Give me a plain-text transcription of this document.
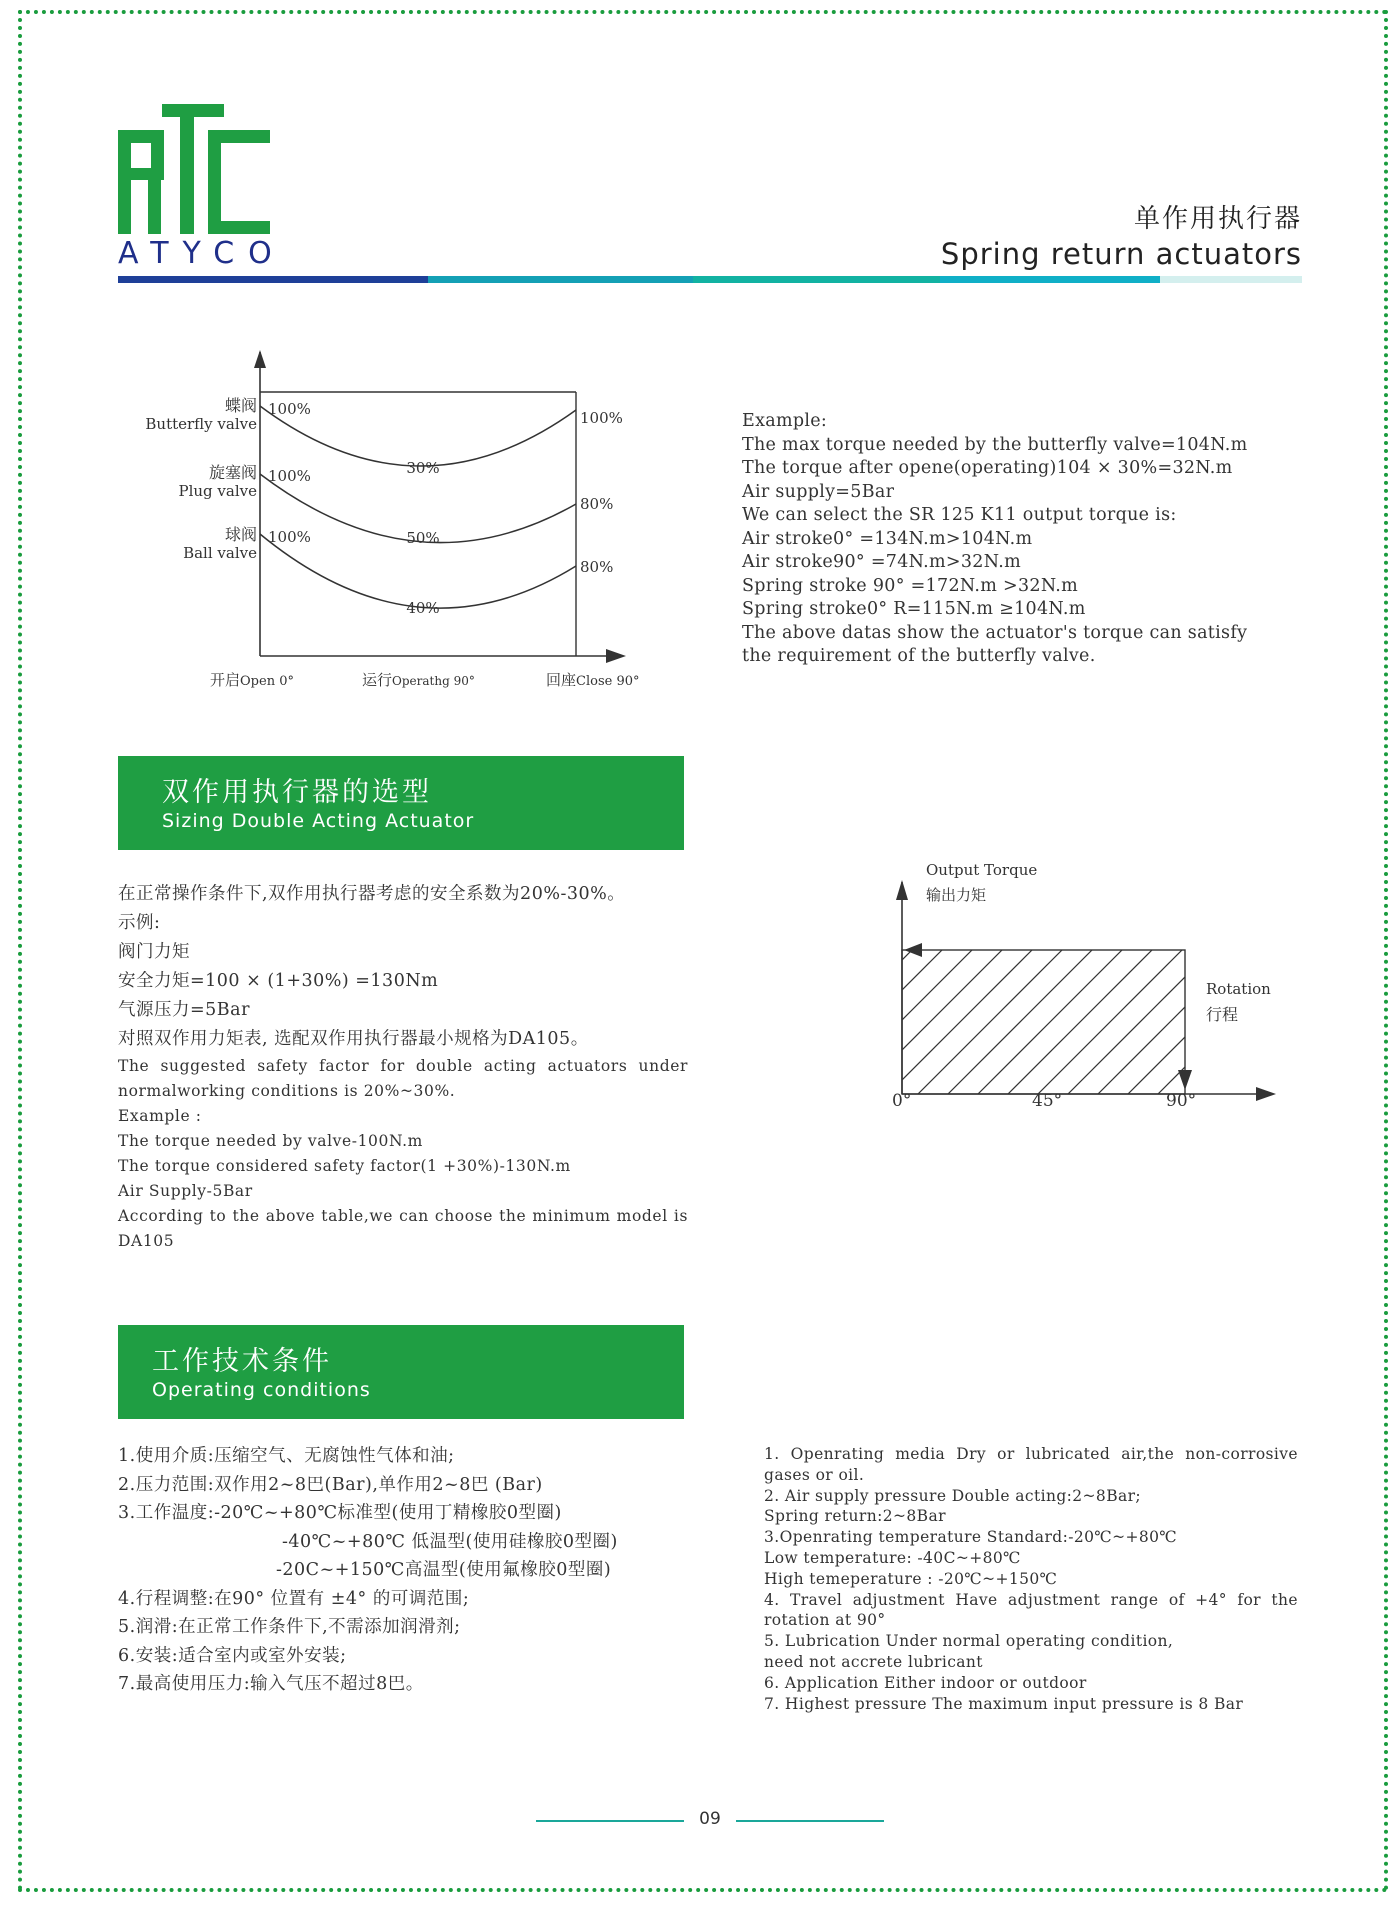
ATYCO
单作用执行器
Spring return actuators
蝶阀
Butterfly valve
旋塞阀
Plug valve
球阀
Ball valve
100%
100%
100%
30%
50%
40%
100%
80%
80%
开启Open 0°	运行Operathg 90°	回座Close 90°
Example:
The max torque needed by the butterfly valve=104N.m
The torque after opene(operating)104 × 30%=32N.m
Air supply=5Bar
We can select the SR 125 K11 output torque is:
Air stroke0° =134N.m>104N.m
Air stroke90° =74N.m>32N.m
Spring stroke 90° =172N.m >32N.m
Spring stroke0° R=115N.m ≥104N.m
The above datas show the actuator's torque can satisfy
the requirement of the butterfly valve.
双作用执行器的选型
Sizing Double Acting Actuator
在正常操作条件下,双作用执行器考虑的安全系数为20%-30%。
示例:
阀门力矩
安全力矩=100 × (1+30%) =130Nm
气源压力=5Bar
对照双作用力矩表, 选配双作用执行器最小规格为DA105。
The suggested safety factor for double acting actuators under normalworking conditions is 20%~30%.
Example :
The torque needed by valve-100N.m
The torque considered safety factor(1 +30%)-130N.m
Air Supply-5Bar
According to the above table,we can choose the minimum model is DA105
Output Torque
输出力矩
Rotation
行程
0°	45°	90°
工作技术条件
Operating conditions
1.使用介质:压缩空气、无腐蚀性气体和油;
2.压力范围:双作用2~8巴(Bar),单作用2~8巴 (Bar)
3.工作温度:-20℃~+80℃标准型(使用丁精橡胶0型圈)
-40℃~+80℃ 低温型(使用硅橡胶0型圈)
-20C~+150℃高温型(使用氟橡胶0型圈)
4.行程调整:在90° 位置有 ±4° 的可调范围;
5.润滑:在正常工作条件下,不需添加润滑剂;
6.安装:适合室内或室外安装;
7.最高使用压力:输入气压不超过8巴。
1. Openrating media Dry or lubricated air,the non-corrosive gases or oil.
2. Air supply pressure Double acting:2~8Bar;
Spring return:2~8Bar
3.Openrating temperature Standard:-20℃~+80℃
Low temperature: -40C~+80℃
High temeperature : -20℃~+150℃
4. Travel adjustment Have adjustment range of +4° for the rotation at 90°
5. Lubrication Under normal operating condition,
need not accrete lubricant
6. Application Either indoor or outdoor
7. Highest pressure The maximum input pressure is 8 Bar
09
